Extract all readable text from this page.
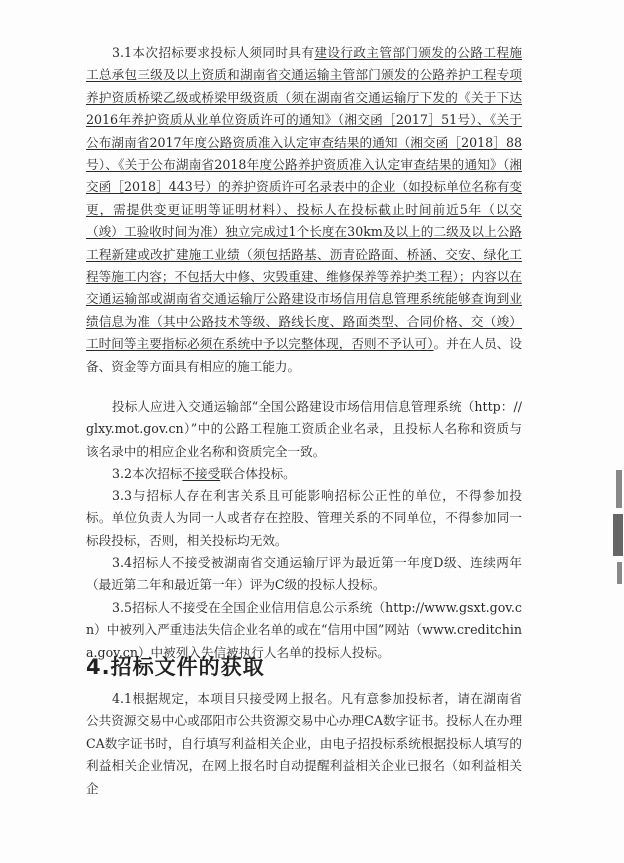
3.1本次招标要求投标人须同时具有建设行政主管部门颁发的公路工程施工总承包三级及以上资质和湖南省交通运输主管部门颁发的公路养护工程专项养护资质桥梁乙级或桥梁甲级资质（须在湖南省交通运输厅下发的《关于下达2016年养护资质从业单位资质许可的通知》（湘交函［2017］51号）、《关于公布湖南省2017年度公路资质准入认定审查结果的通知（湘交函［2018］88号）、《关于公布湖南省2018年度公路养护资质准入认定审查结果的通知》（湘交函［2018］443号）的养护资质许可名录表中的企业（如投标单位名称有变更，需提供变更证明等证明材料）、投标人在投标截止时间前近5年（以交（竣）工验收时间为准）独立完成过1个长度在30km及以上的二级及以上公路工程新建或改扩建施工业绩（须包括路基、沥青砼路面、桥涵、交安、绿化工程等施工内容；不包括大中修、灾毁重建、维修保养等养护类工程）；内容以在交通运输部或湖南省交通运输厅公路建设市场信用信息管理系统能够查询到业绩信息为准（其中公路技术等级、路线长度、路面类型、合同价格、交（竣）工时间等主要指标必须在系统中予以完整体现，否则不予认可）。并在人员、设备、资金等方面具有相应的施工能力。

投标人应进入交通运输部“全国公路建设市场信用信息管理系统（http：//glxy.mot.gov.cn）”中的公路工程施工资质企业名录，且投标人名称和资质与该名录中的相应企业名称和资质完全一致。

3.2本次招标不接受联合体投标。

3.3与招标人存在利害关系且可能影响招标公正性的单位，不得参加投标。单位负责人为同一人或者存在控股、管理关系的不同单位，不得参加同一标段投标，否则，相关投标均无效。

3.4招标人不接受被湖南省交通运输厅评为最近第一年度D级、连续两年（最近第二年和最近第一年）评为C级的投标人投标。

3.5招标人不接受在全国企业信用信息公示系统（http://www.gsxt.gov.cn）中被列入严重违法失信企业名单的或在“信用中国”网站（www.creditchina.gov.cn）中被列入失信被执行人名单的投标人投标。

4.招标文件的获取

4.1根据规定，本项目只接受网上报名。凡有意参加投标者，请在湖南省公共资源交易中心或邵阳市公共资源交易中心办理CA数字证书。投标人在办理CA数字证书时，自行填写利益相关企业，由电子招投标系统根据投标人填写的利益相关企业情况，在网上报名时自动提醒利益相关企业已报名（如利益相关企
